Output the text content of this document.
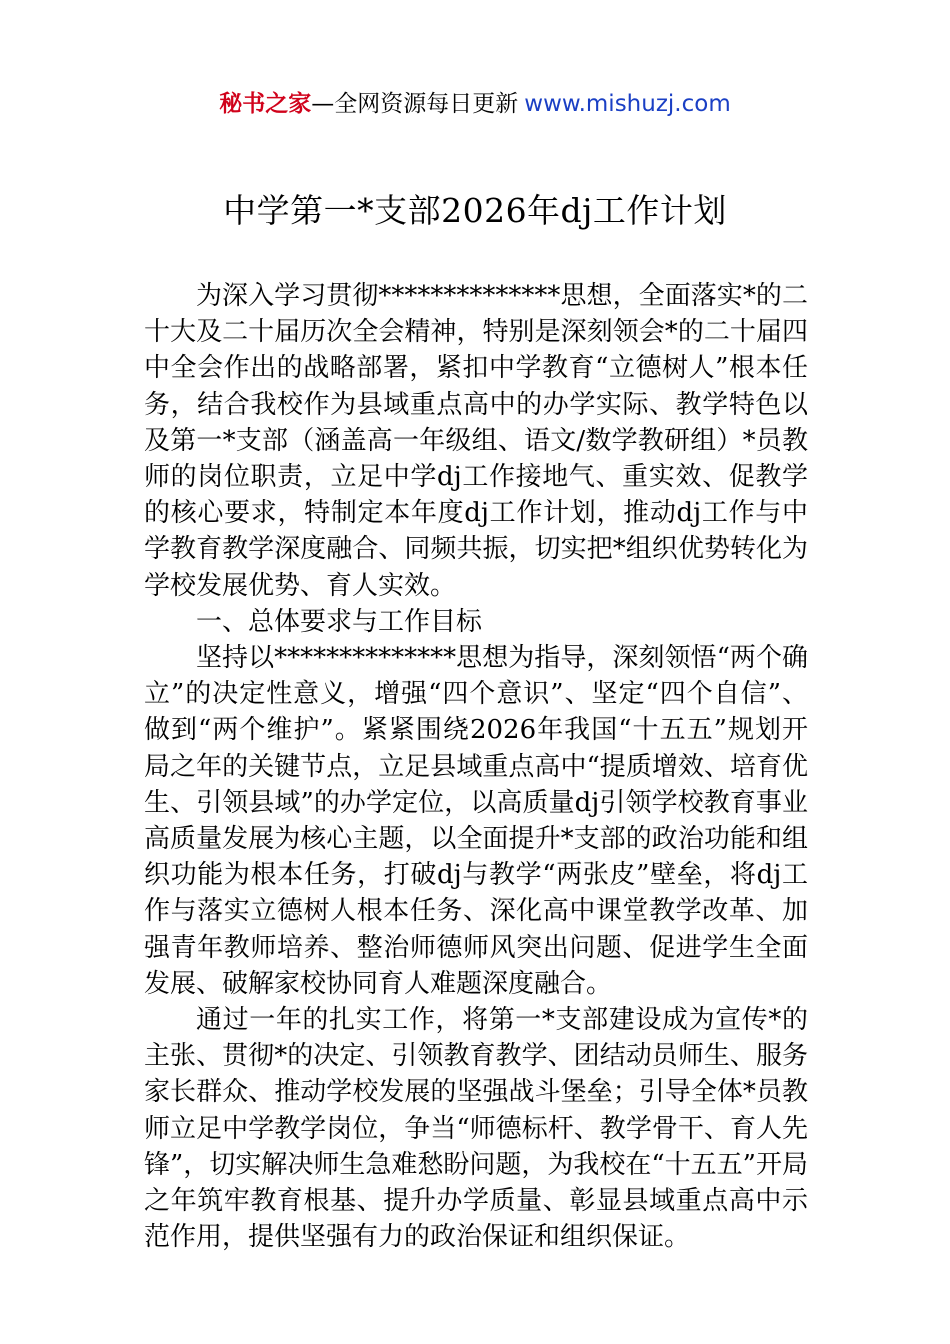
秘书之家—全网资源每日更新 www.mishuzj.com
中学第一*支部2026年dj工作计划

为深入学习贯彻**************思想，全面落实*的二十大及二十届历次全会精神，特别是深刻领会*的二十届四中全会作出的战略部署，紧扣中学教育“立德树人”根本任务，结合我校作为县域重点高中的办学实际、教学特色以及第一*支部（涵盖高一年级组、语文/数学教研组）*员教师的岗位职责，立足中学dj工作接地气、重实效、促教学的核心要求，特制定本年度dj工作计划，推动dj工作与中学教育教学深度融合、同频共振，切实把*组织优势转化为学校发展优势、育人实效。

一、总体要求与工作目标

坚持以**************思想为指导，深刻领悟“两个确立”的决定性意义，增强“四个意识”、坚定“四个自信”、做到“两个维护”。紧紧围绕2026年我国“十五五”规划开局之年的关键节点，立足县域重点高中“提质增效、培育优生、引领县域”的办学定位，以高质量dj引领学校教育事业高质量发展为核心主题，以全面提升*支部的政治功能和组织功能为根本任务，打破dj与教学“两张皮”壁垒，将dj工作与落实立德树人根本任务、深化高中课堂教学改革、加强青年教师培养、整治师德师风突出问题、促进学生全面发展、破解家校协同育人难题深度融合。

通过一年的扎实工作，将第一*支部建设成为宣传*的主张、贯彻*的决定、引领教育教学、团结动员师生、服务家长群众、推动学校发展的坚强战斗堡垒；引导全体*员教师立足中学教学岗位，争当“师德标杆、教学骨干、育人先锋”，切实解决师生急难愁盼问题，为我校在“十五五”开局之年筑牢教育根基、提升办学质量、彰显县域重点高中示范作用，提供坚强有力的政治保证和组织保证。
